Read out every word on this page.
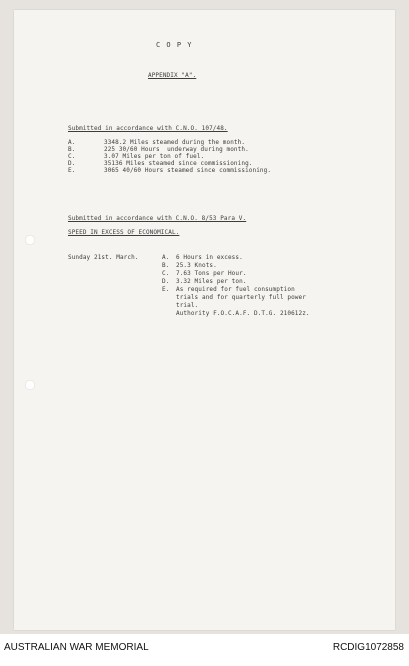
C O P Y
APPENDIX "A".
Submitted in accordance with C.N.O. 107/48.
A.	3348.2 Miles steamed during the month.
B.	225 30/60 Hours  underway during month.
C.	3.07 Miles per ton of fuel.
D.	35136 Miles steamed since commissioning.
E.	3065 40/60 Hours steamed since commissioning.
Submitted in accordance with C.N.O. 8/53 Para V.
SPEED IN EXCESS OF ECONOMICAL.
Sunday 21st. March.	A. 6 Hours in excess.
B. 25.3 Knots.
C. 7.63 Tons per Hour.
D. 3.32 Miles per ton.
E. As required for fuel consumption
trials and for quarterly full power
trial.
Authority F.O.C.A.F. D.T.G. 210612z.
AUSTRALIAN WAR MEMORIAL	RCDIG1072858
